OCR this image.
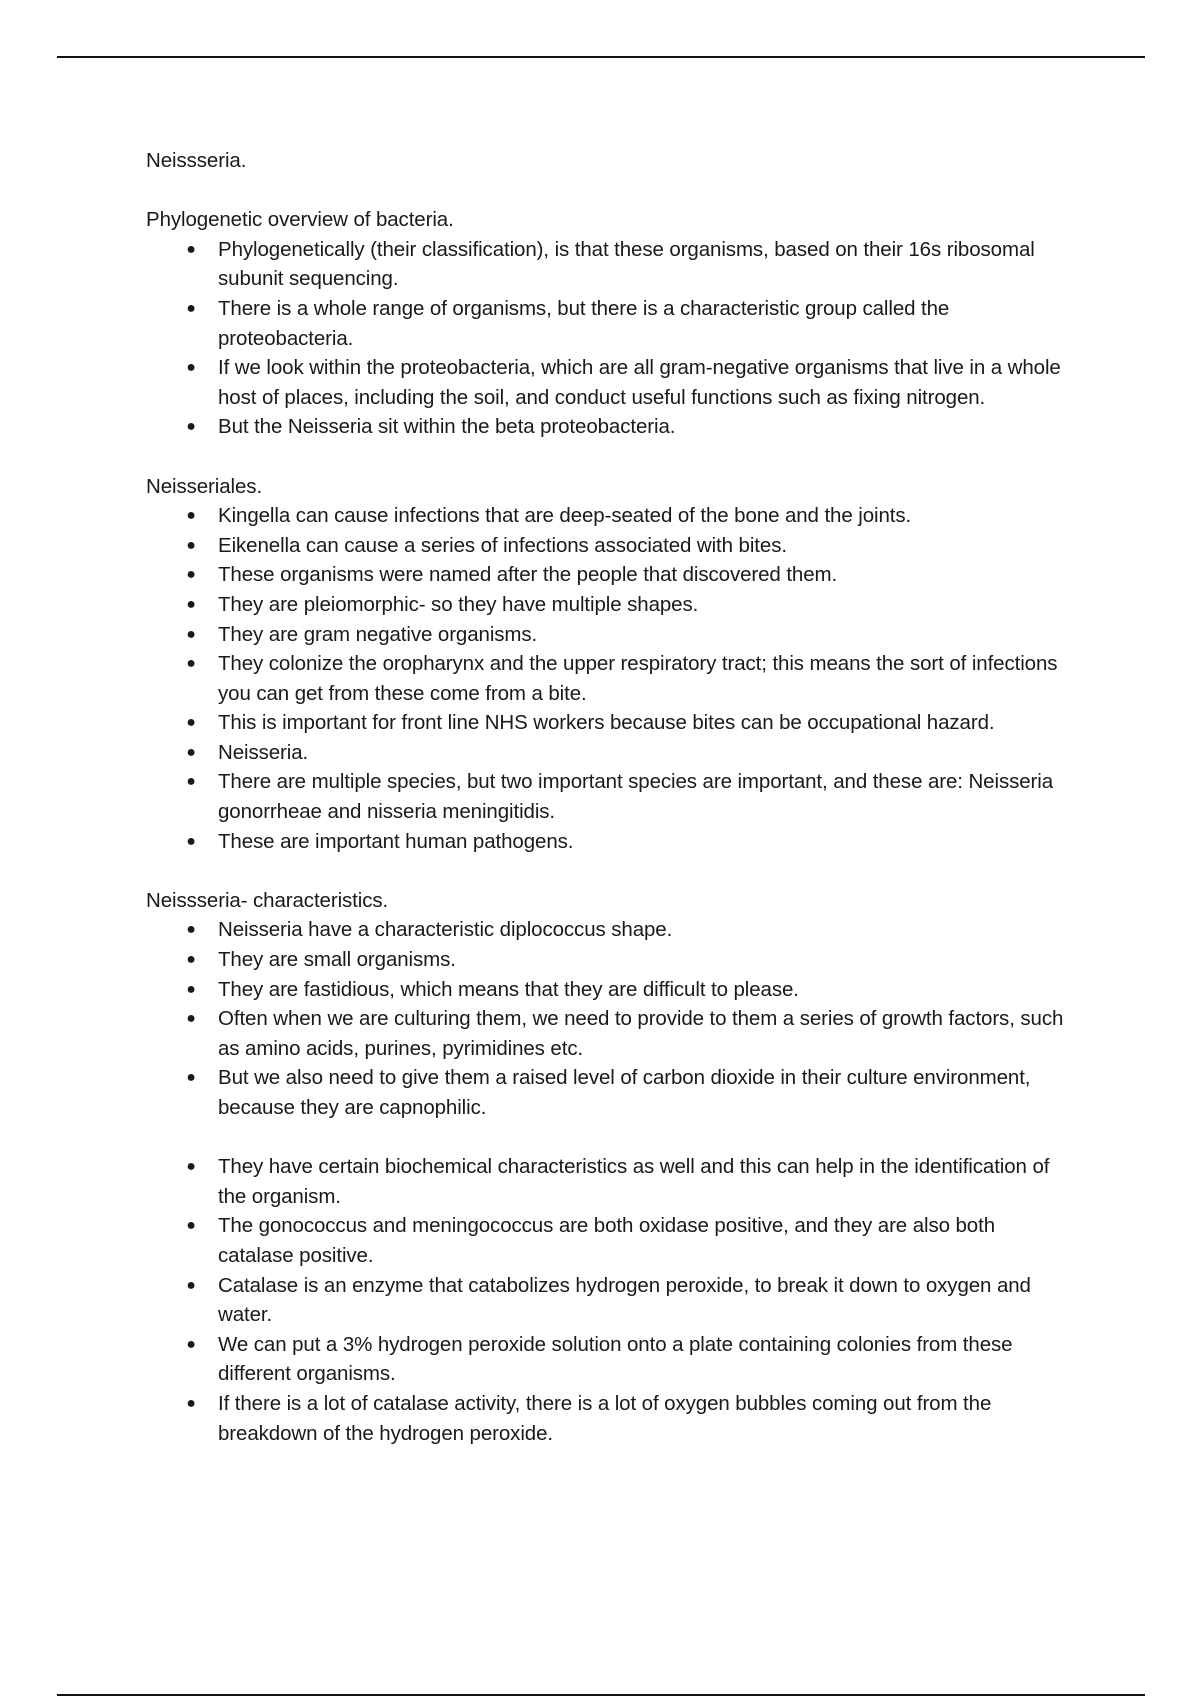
Neissseria.

Phylogenetic overview of bacteria.

● Phylogenetically (their classification), is that these organisms, based on their 16s ribosomal subunit sequencing.
● There is a whole range of organisms, but there is a characteristic group called the proteobacteria.
● If we look within the proteobacteria, which are all gram-negative organisms that live in a whole host of places, including the soil, and conduct useful functions such as fixing nitrogen.
● But the Neisseria sit within the beta proteobacteria.

Neisseriales.

● Kingella can cause infections that are deep-seated of the bone and the joints.
● Eikenella can cause a series of infections associated with bites.
● These organisms were named after the people that discovered them.
● They are pleiomorphic- so they have multiple shapes.
● They are gram negative organisms.
● They colonize the oropharynx and the upper respiratory tract; this means the sort of infections you can get from these come from a bite.
● This is important for front line NHS workers because bites can be occupational hazard.
● Neisseria.
● There are multiple species, but two important species are important, and these are: Neisseria gonorrheae and nisseria meningitidis.
● These are important human pathogens.

Neissseria- characteristics.

● Neisseria have a characteristic diplococcus shape.
● They are small organisms.
● They are fastidious, which means that they are difficult to please.
● Often when we are culturing them, we need to provide to them a series of growth factors, such as amino acids, purines, pyrimidines etc.
● But we also need to give them a raised level of carbon dioxide in their culture environment, because they are capnophilic.
● They have certain biochemical characteristics as well and this can help in the identification of the organism.
● The gonococcus and meningococcus are both oxidase positive, and they are also both catalase positive.
● Catalase is an enzyme that catabolizes hydrogen peroxide, to break it down to oxygen and water.
● We can put a 3% hydrogen peroxide solution onto a plate containing colonies from these different organisms.
● If there is a lot of catalase activity, there is a lot of oxygen bubbles coming out from the breakdown of the hydrogen peroxide.
